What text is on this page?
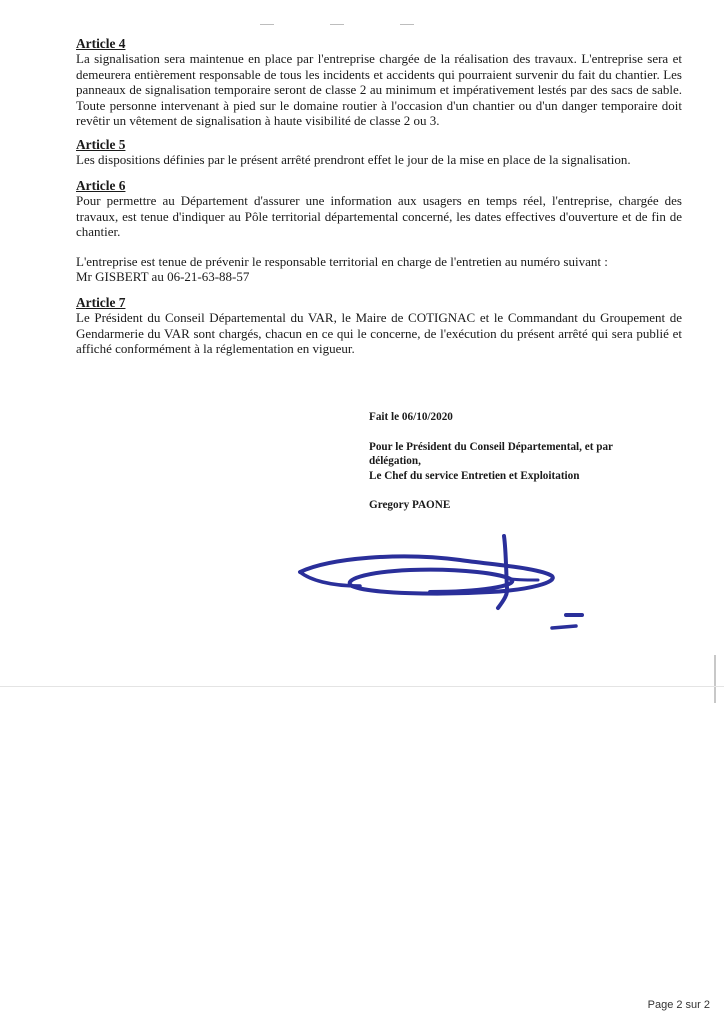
Article 4

La signalisation sera maintenue en place par l'entreprise chargée de la réalisation des travaux. L'entreprise sera et demeurera entièrement responsable de tous les incidents et accidents qui pourraient survenir du fait du chantier. Les panneaux de signalisation temporaire seront de classe 2 au minimum et impérativement lestés par des sacs de sable. Toute personne intervenant à pied sur le domaine routier à l'occasion d'un chantier ou d'un danger temporaire doit revêtir un vêtement de signalisation à haute visibilité de classe 2 ou 3.

Article 5

Les dispositions définies par le présent arrêté prendront effet le jour de la mise en place de la signalisation.

Article 6

Pour permettre au Département d'assurer une information aux usagers en temps réel, l'entreprise, chargée des travaux, est tenue d'indiquer au Pôle territorial départemental concerné, les dates effectives d'ouverture et de fin de chantier.

L'entreprise est tenue de prévenir le responsable territorial en charge de l'entretien au numéro suivant :

Mr GISBERT au 06-21-63-88-57

Article 7

Le Président du Conseil Départemental du VAR, le Maire de COTIGNAC et le Commandant du Groupement de Gendarmerie du VAR sont chargés, chacun en ce qui le concerne, de l'exécution du présent arrêté qui sera publié et affiché conformément à la réglementation en vigueur.

Fait le 06/10/2020

Pour le Président du Conseil Départemental, et par

délégation,

Le Chef du service Entretien et Exploitation

Gregory PAONE

Page 2 sur 2
